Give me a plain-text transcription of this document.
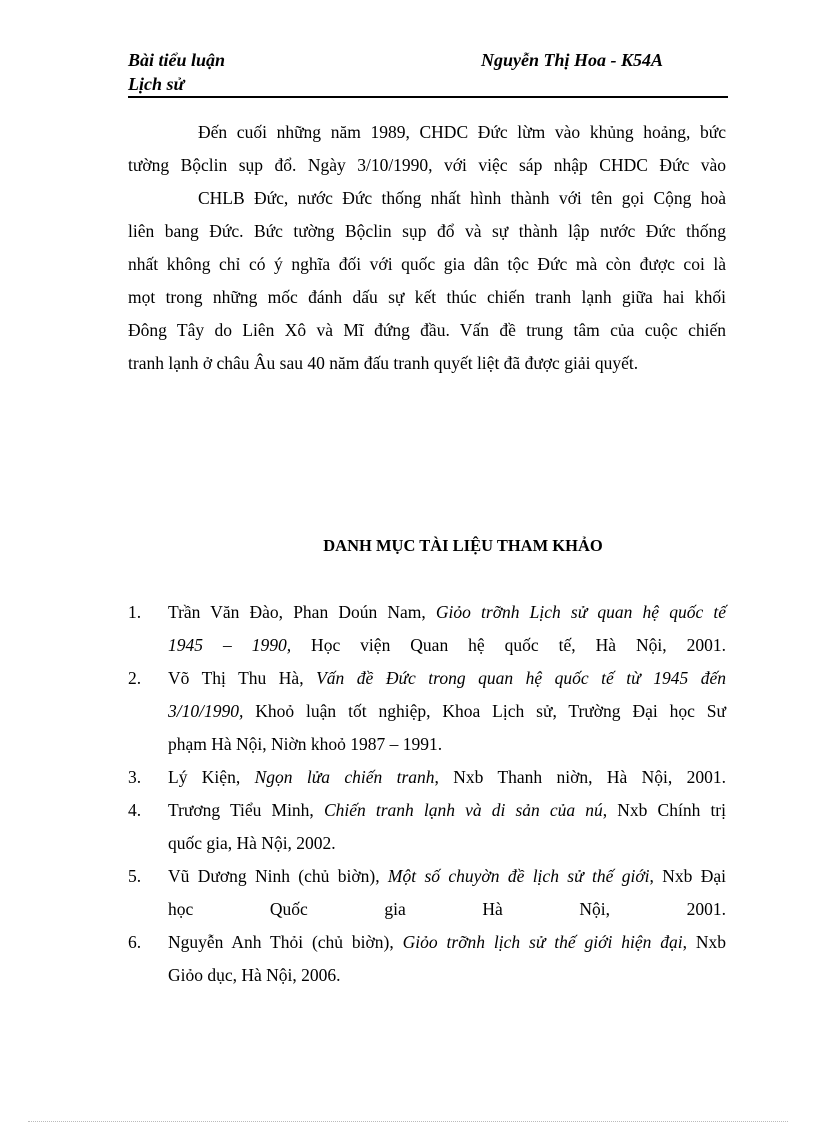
Bài tiểu luận
Lịch sử
Nguyễn Thị Hoa - K54A
Đến cuối những năm 1989, CHDC Đức lừm vào khủng hoảng, bức
tường Bộclin sụp đổ. Ngày 3/10/1990, với việc sáp nhập CHDC Đức vào
CHLB Đức, nước Đức thống nhất hình thành với tên gọi Cộng hoà
liên bang Đức. Bức tường Bộclin sụp đổ và sự thành lập nước Đức thống
nhất không chỉ có ý nghĩa đối với quốc gia dân tộc Đức mà còn được coi là
mọt trong những mốc đánh dấu sự kết thúc chiến tranh lạnh giữa hai khối
Đông Tây do Liên Xô và Mĩ đứng đầu. Vấn đề trung tâm của cuộc chiến
tranh lạnh ở châu Âu sau 40 năm đấu tranh quyết liệt đã được giải quyết.
DANH MỤC TÀI LIỆU THAM KHẢO
1.	Trần Văn Đào, Phan Doún Nam, Giỏo trỡnh Lịch sử quan hệ quốc tế
1945 – 1990, Học viện Quan hệ quốc tế, Hà Nội, 2001.
2.	Võ Thị Thu Hà, Vấn đề Đức trong quan hệ quốc tế từ 1945 đến
3/10/1990, Khoỏ luận tốt nghiệp, Khoa Lịch sử, Trường Đại học Sư
phạm Hà Nội, Niờn khoỏ 1987 – 1991.
3.	Lý Kiện, Ngọn lửa chiến tranh, Nxb Thanh niờn, Hà Nội, 2001.
4.	Trương Tiểu Minh, Chiến tranh lạnh và di sản của nú, Nxb Chính trị
quốc gia, Hà Nội, 2002.
5.	Vũ Dương Ninh (chủ biờn), Một số chuyờn đề lịch sử thế giới, Nxb Đại
học Quốc gia Hà Nội, 2001.
6.	Nguyễn Anh Thỏi (chủ biờn), Giỏo trỡnh lịch sử thế giới hiện đại, Nxb
Giỏo dục, Hà Nội, 2006.
